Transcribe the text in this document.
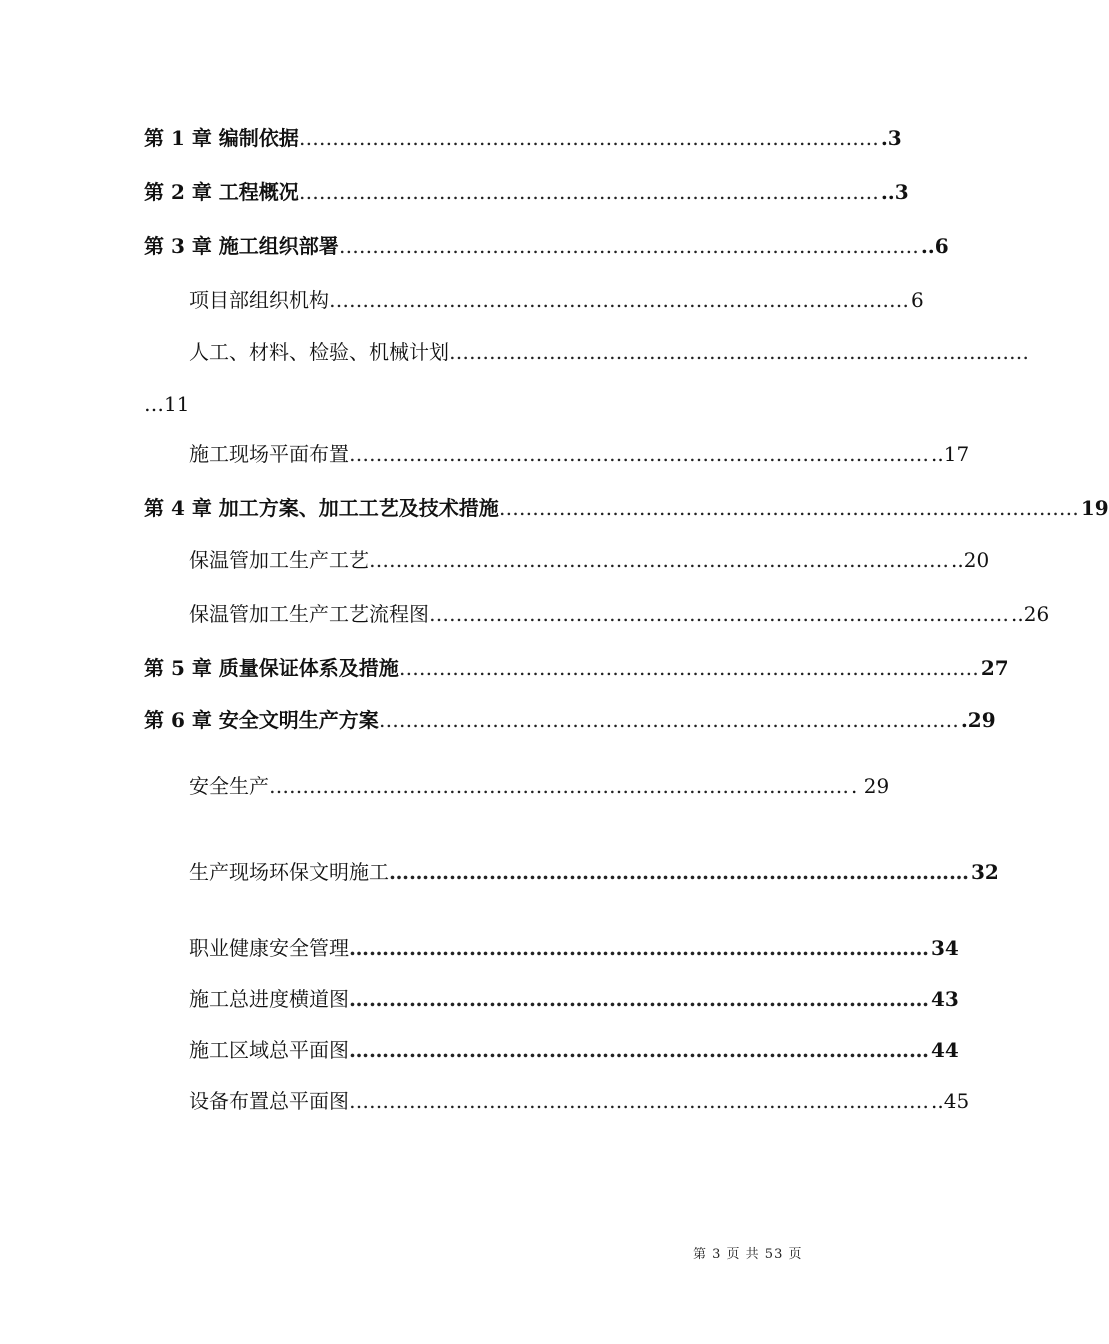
第 1 章 编制依据 …………………………………………………………………………… .3
第 2 章 工程概况 …………………………………………………………………………… ..3
第 3 章 施工组织部署 …………………………………………………………………………… ..6
项目部组织机构 …………………………………………………………………………… 6
人工、材料、检验、机械计划 ……………………………………………………………………………
…11
施工现场平面布置 …………………………………………………………………………… ..17
第 4 章 加工方案、加工工艺及技术措施 …………………………………………………………………………… 19
保温管加工生产工艺 …………………………………………………………………………… ..20
保温管加工生产工艺流程图 …………………………………………………………………………… ..26
第 5 章 质量保证体系及措施 …………………………………………………………………………… 27
第 6 章 安全文明生产方案 …………………………………………………………………………… .29
安全生产 …………………………………………………………………………… . 29
生产现场环保文明施工 …………………………………………………………………………… 32
职业健康安全管理 …………………………………………………………………………… 34
施工总进度横道图 …………………………………………………………………………… 43
施工区域总平面图 …………………………………………………………………………… 44
设备布置总平面图 …………………………………………………………………………… ..45
第 3 页 共 53 页
